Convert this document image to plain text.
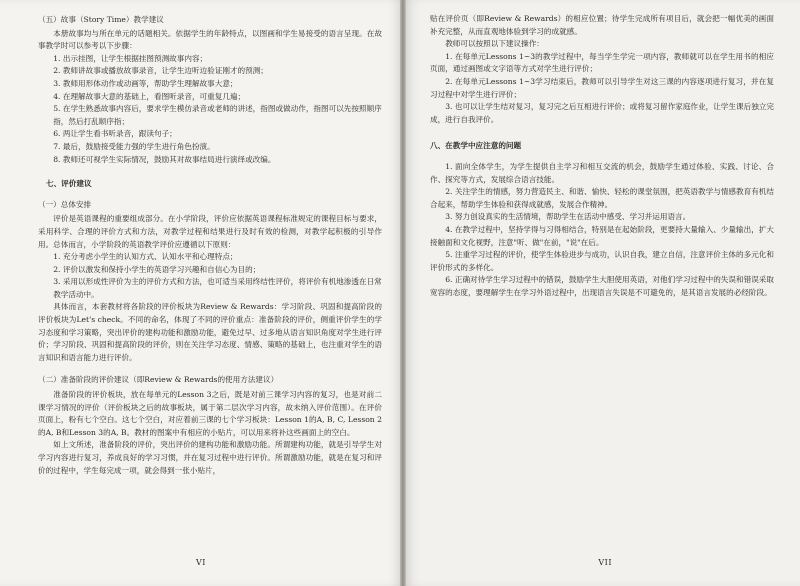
（五）故事（Story Time）教学建议

本册故事均与所在单元的话题相关。依据学生的年龄特点，以图画和学生易接受的语言呈现。在故事教学时可以参考以下步骤：

1. 出示挂图，让学生根据挂图预测故事内容；

2. 教师讲故事或播放故事录音，让学生边听边验证刚才的预测；

3. 教师用形体动作或动画等，帮助学生理解故事大意；

4. 在理解故事大意的基础上，看图听录音，可重复几遍；

5. 在学生熟悉故事内容后，要求学生模仿录音或老师的讲述，指图或做动作，指图可以先按照顺序指，然后打乱顺序指；

6. 两让学生看书听录音，跟读句子；

7. 最后，鼓励接受能力强的学生进行角色扮演。

8. 教师还可视学生实际情况，鼓励其对故事结局进行演绎或改编。

七、评价建议

（一）总体安排

评价是英语课程的重要组成部分。在小学阶段，评价应依据英语课程标准规定的课程目标与要求，采用科学、合理的评价方式和方法，对教学过程和结果进行及时有效的检测，对教学起积极的引导作用。总体而言，小学阶段的英语教学评价应遵循以下原则：

1. 充分考虑小学生的认知方式、认知水平和心理特点；

2. 评价以激发和保持小学生的英语学习兴趣和自信心为目的；

3. 采用以形成性评价为主的评价方式和方法，也可适当采用终结性评价，将评价有机地渗透在日常教学活动中。

具体而言，本套教材将各阶段的评价板块为Review & Rewards：学习阶段、巩固和提高阶段的评价板块为Let's check。不同的命名，体现了不同的评价重点：准备阶段的评价，侧重评价学生的学习态度和学习策略，突出评价的建构功能和激励功能，避免过早、过多地从语言知识角度对学生进行评价；学习阶段、巩固和提高阶段的评价，则在关注学习态度、情感、策略的基础上，也注重对学生的语言知识和语言能力进行评价。

（二）准备阶段的评价建议（即Review & Rewards的使用方法建议）

准备阶段的评价板块，放在每单元的Lesson 3之后，既是对前三课学习内容的复习，也是对前二课学习情况的评价（评价板块之后的故事板块，属于第二层次学习内容，故未纳入评价范围）。在评价页面上，粉有七个空白。这七个空白，对应着前三课的七个学习板块：Lesson 1的A, B, C, Lesson 2的A, B和Lesson 3的A, B。教材的图案中有相应的小贴片，可以用来将补这些画面上的空白。

如上文所述，准备阶段的评价，突出评价的建构功能和激励功能。所谓建构功能，就是引导学生对学习内容进行复习，养成良好的学习习惯，并在复习过程中进行评价。所谓激励功能，就是在复习和评价的过程中，学生每完成一项，就会得到一张小贴片，

VI

贴在评价页（即Review & Rewards）的相应位置；待学生完成所有项目后，就会把一幅优美的画面补充完整，从而直观地体验到学习的成就感。

教师可以按照以下建议操作：

1. 在每单元Lessons 1~3的教学过程中，每当学生学完一项内容，教师就可以在学生用书的相应页面，通过画图或文字语等方式对学生进行评价；

2. 在每单元Lessons 1~3学习结束后，教师可以引导学生对这三课的内容逐项进行复习，并在复习过程中对学生进行评价；

3. 也可以让学生结对复习，复习完之后互相进行评价；或将复习留作家庭作业，让学生课后独立完成，进行自我评价。

八、在教学中应注意的问题

1. 面向全体学生，为学生提供自主学习和相互交流的机会，鼓励学生通过体验、实践、讨论、合作、探究等方式，发展综合语言技能。

2. 关注学生的情感，努力营造民主、和谐、愉快、轻松的课堂氛围，把英语教学与情感教育有机结合起来，帮助学生体验和获得成就感，发展合作精神。

3. 努力创设真实的生活情境，帮助学生在活动中感受、学习并运用语言。

4. 在教学过程中，坚持学得与习得相结合，特别是在起始阶段，更要持大量输入、少量输出，扩大接触面和文化视野，注意"听、做"在前，"说"在后。

5. 注重学习过程的评价，使学生体验进步与成功，认识自我，建立自信，注意评价主体的多元化和评价形式的多样化。

6. 正确对待学生学习过程中的错误，鼓励学生大胆使用英语，对他们学习过程中的失误和错误采取宽容的态度，要理解学生在学习外语过程中，出现语言失误是不可避免的，是其语言发展的必经阶段。

VII
